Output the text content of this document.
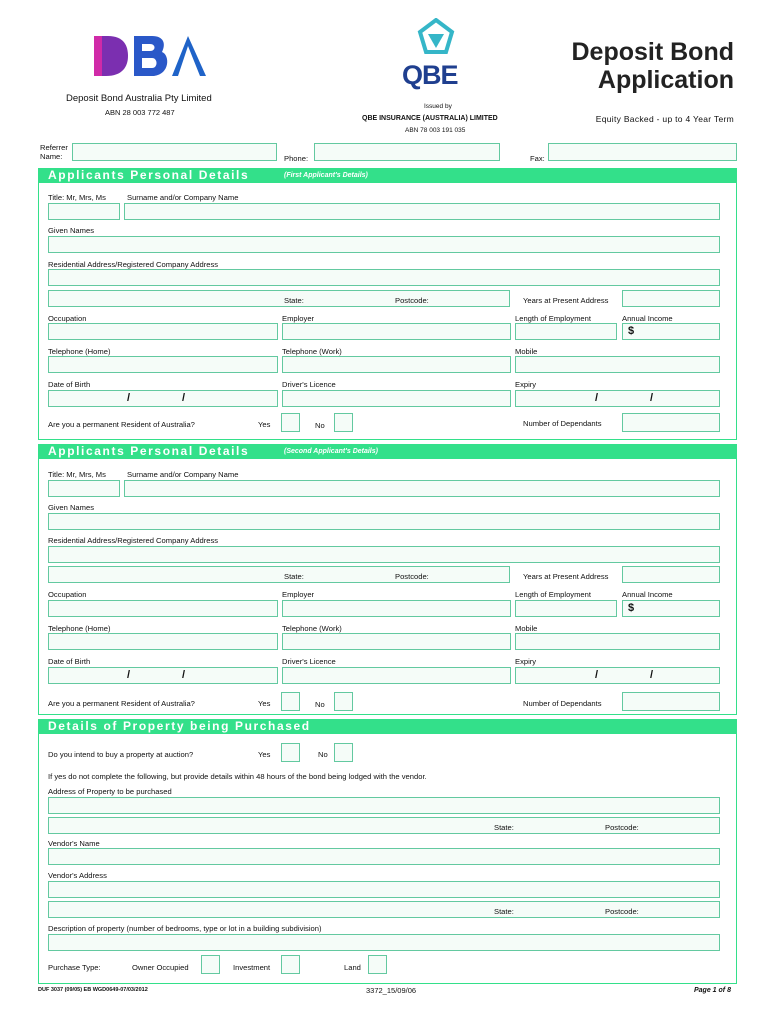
Deposit Bond Australia Pty Limited
ABN 28 003 772 487
QBE
Issued by
QBE INSURANCE (AUSTRALIA) LIMITED
ABN 78 003 191 035
Deposit Bond
Application
Equity Backed - up to 4 Year Term
Referrer
Name:	Phone:	Fax:
Applicants Personal Details	(First Applicant's Details)
Title: Mr, Mrs, Ms	Surname and/or Company Name
Given Names
Residential Address/Registered Company Address
State:	Postcode:	Years at Present Address
Occupation	Employer	Length of Employment	Annual Income
$
Telephone (Home)	Telephone (Work)	Mobile
Date of Birth	Driver's Licence	Expiry
/	/	/	/
Are you a permanent Resident of Australia?	Yes	No	Number of Dependants
Applicants Personal Details	(Second Applicant's Details)
Title: Mr, Mrs, Ms	Surname and/or Company Name
Given Names
Residential Address/Registered Company Address
State:	Postcode:	Years at Present Address
Occupation	Employer	Length of Employment	Annual Income
$
Telephone (Home)	Telephone (Work)	Mobile
Date of Birth	Driver's Licence	Expiry
/	/	/	/
Are you a permanent Resident of Australia?	Yes	No	Number of Dependants
Details of Property being Purchased
Do you intend to buy a property at auction?	Yes	No
If yes do not complete the following, but provide details within 48 hours of the bond being lodged with the vendor.
Address of Property to be purchased
State:	Postcode:
Vendor's Name
Vendor's Address
State:	Postcode:
Description of property (number of bedrooms, type or lot in a building subdivision)
Purchase Type:	Owner Occupied	Investment	Land
DUF 3037 (09/05) EB WGD0649-07/03/2012	3372_15/09/06	Page 1 of 8
